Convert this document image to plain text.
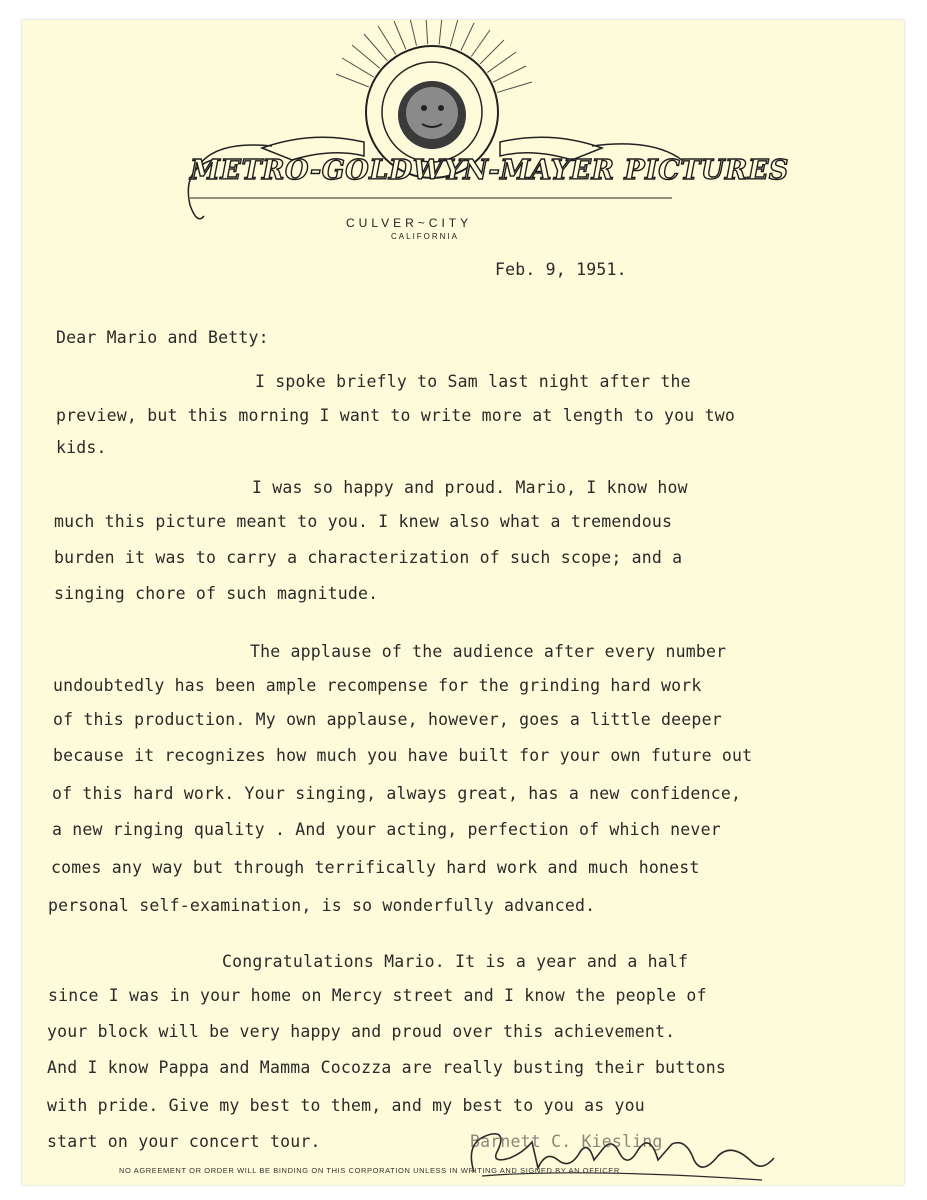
METRO-GOLDWYN-MAYER PICTURES
CULVER~CITY
CALIFORNIA
Feb. 9, 1951.
Dear Mario and Betty:
I spoke briefly to Sam last night after the
preview, but this morning I want to write more at length to you two
kids.
I was so happy and proud. Mario, I know how
much this picture meant to you. I knew also what a tremendous
burden it was to carry a characterization of such scope; and a
singing chore of such magnitude.
The applause of the audience after every number
undoubtedly has been ample recompense for the grinding hard work
of this production. My own applause, however, goes a little deeper
because it recognizes how much you have built for your own future out
of this hard work. Your singing, always great, has a new confidence,
a new ringing quality . And your acting, perfection of which never
comes any way but through terrifically hard work and much honest
personal self-examination, is so wonderfully advanced.
Congratulations Mario. It is a year and a half
since I was in your home on Mercy street and I know the people of
your block will be very happy and proud over this achievement.
And I know Pappa and Mamma Cocozza are really busting their buttons
with pride. Give my best to them, and my best to you as you
start on your concert tour.	Barnett C. Kiesling
NO AGREEMENT OR ORDER WILL BE BINDING ON THIS CORPORATION UNLESS IN WRITING AND SIGNED BY AN OFFICER
